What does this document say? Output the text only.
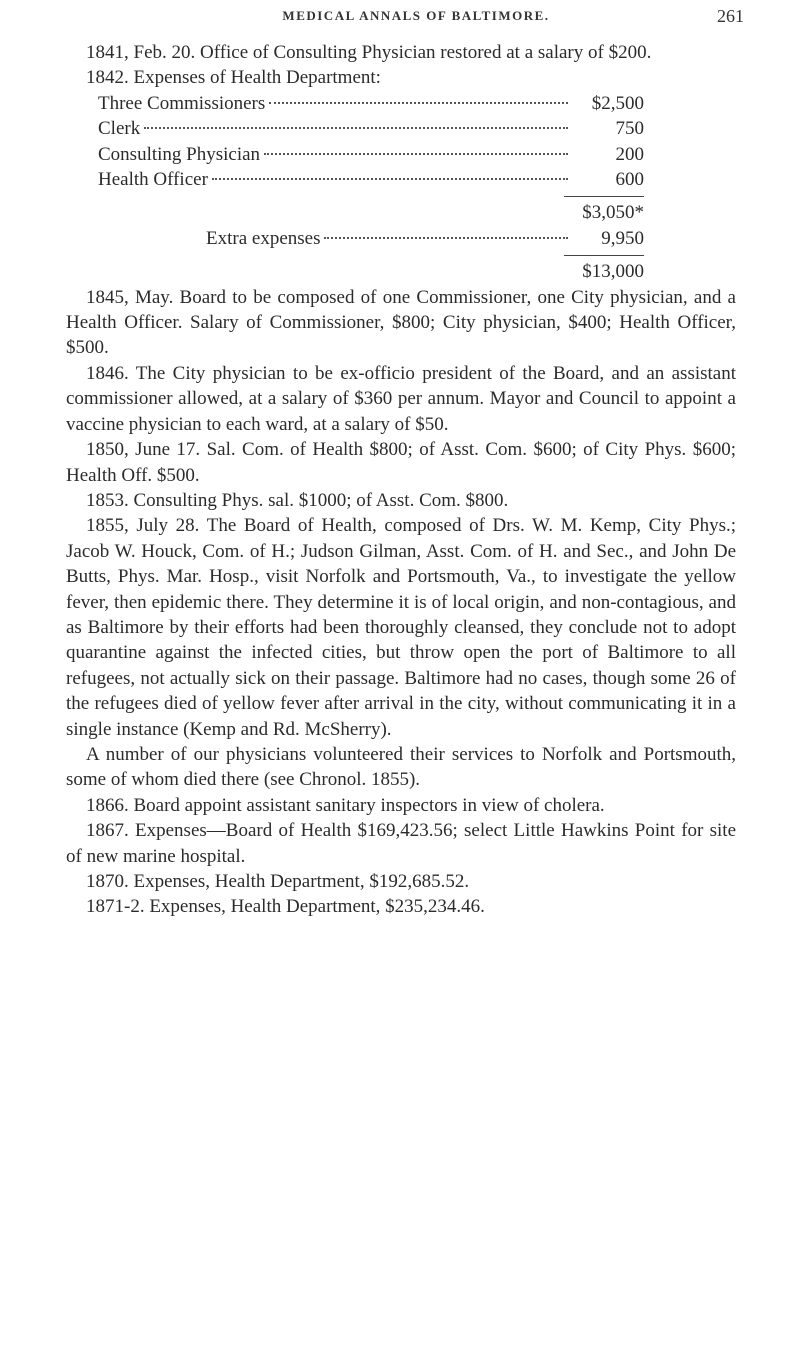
MEDICAL ANNALS OF BALTIMORE.	261

1841, Feb. 20. Office of Consulting Physician restored at a salary of $200.

1842. Expenses of Health Department:

Three Commissioners	$2,500
Clerk	750
Consulting Physician	200
Health Officer	600
$3,050*
Extra expenses	9,950
$13,000

1845, May. Board to be composed of one Commissioner, one City physician, and a Health Officer. Salary of Commissioner, $800; City physician, $400; Health Officer, $500.

1846. The City physician to be ex-officio president of the Board, and an assistant commissioner allowed, at a salary of $360 per annum. Mayor and Council to appoint a vaccine physician to each ward, at a salary of $50.

1850, June 17. Sal. Com. of Health $800; of Asst. Com. $600; of City Phys. $600; Health Off. $500.

1853. Consulting Phys. sal. $1000; of Asst. Com. $800.

1855, July 28. The Board of Health, composed of Drs. W. M. Kemp, City Phys.; Jacob W. Houck, Com. of H.; Judson Gilman, Asst. Com. of H. and Sec., and John De Butts, Phys. Mar. Hosp., visit Norfolk and Portsmouth, Va., to investigate the yellow fever, then epidemic there. They determine it is of local origin, and non-contagious, and as Baltimore by their efforts had been thoroughly cleansed, they conclude not to adopt quarantine against the infected cities, but throw open the port of Baltimore to all refugees, not actually sick on their passage. Baltimore had no cases, though some 26 of the refugees died of yellow fever after arrival in the city, without communicating it in a single instance (Kemp and Rd. McSherry).

A number of our physicians volunteered their services to Norfolk and Portsmouth, some of whom died there (see Chronol. 1855).

1866. Board appoint assistant sanitary inspectors in view of cholera.

1867. Expenses—Board of Health $169,423.56; select Little Hawkins Point for site of new marine hospital.

1870. Expenses, Health Department, $192,685.52.

1871-2. Expenses, Health Department, $235,234.46.
